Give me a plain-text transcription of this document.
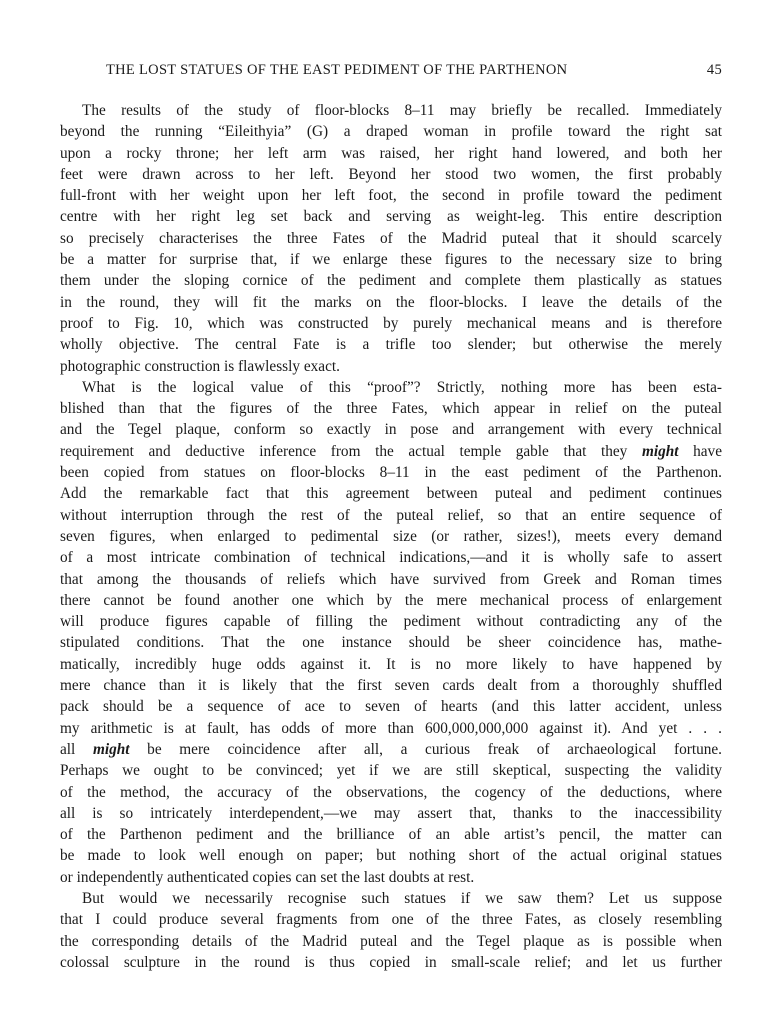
THE LOST STATUES OF THE EAST PEDIMENT OF THE PARTHENON	45

The results of the study of floor-blocks 8–11 may briefly be recalled. Immediately
beyond the running “Eileithyia” (G) a draped woman in profile toward the right sat
upon a rocky throne; her left arm was raised, her right hand lowered, and both her
feet were drawn across to her left. Beyond her stood two women, the first probably
full-front with her weight upon her left foot, the second in profile toward the pediment
centre with her right leg set back and serving as weight-leg. This entire description
so precisely characterises the three Fates of the Madrid puteal that it should scarcely
be a matter for surprise that, if we enlarge these figures to the necessary size to bring
them under the sloping cornice of the pediment and complete them plastically as statues
in the round, they will fit the marks on the floor-blocks. I leave the details of the
proof to Fig. 10, which was constructed by purely mechanical means and is therefore
wholly objective. The central Fate is a trifle too slender; but otherwise the merely
photographic construction is flawlessly exact.

What is the logical value of this “proof”? Strictly, nothing more has been esta-
blished than that the figures of the three Fates, which appear in relief on the puteal
and the Tegel plaque, conform so exactly in pose and arrangement with every technical
requirement and deductive inference from the actual temple gable that they might have
been copied from statues on floor-blocks 8–11 in the east pediment of the Parthenon.
Add the remarkable fact that this agreement between puteal and pediment continues
without interruption through the rest of the puteal relief, so that an entire sequence of
seven figures, when enlarged to pedimental size (or rather, sizes!), meets every demand
of a most intricate combination of technical indications,—and it is wholly safe to assert
that among the thousands of reliefs which have survived from Greek and Roman times
there cannot be found another one which by the mere mechanical process of enlargement
will produce figures capable of filling the pediment without contradicting any of the
stipulated conditions. That the one instance should be sheer coincidence has, mathe-
matically, incredibly huge odds against it. It is no more likely to have happened by
mere chance than it is likely that the first seven cards dealt from a thoroughly shuffled
pack should be a sequence of ace to seven of hearts (and this latter accident, unless
my arithmetic is at fault, has odds of more than 600,000,000,000 against it). And yet . . .
all might be mere coincidence after all, a curious freak of archaeological fortune.
Perhaps we ought to be convinced; yet if we are still skeptical, suspecting the validity
of the method, the accuracy of the observations, the cogency of the deductions, where
all is so intricately interdependent,—we may assert that, thanks to the inaccessibility
of the Parthenon pediment and the brilliance of an able artist’s pencil, the matter can
be made to look well enough on paper; but nothing short of the actual original statues
or independently authenticated copies can set the last doubts at rest.

But would we necessarily recognise such statues if we saw them? Let us suppose
that I could produce several fragments from one of the three Fates, as closely resembling
the corresponding details of the Madrid puteal and the Tegel plaque as is possible when
colossal sculpture in the round is thus copied in small-scale relief; and let us further
